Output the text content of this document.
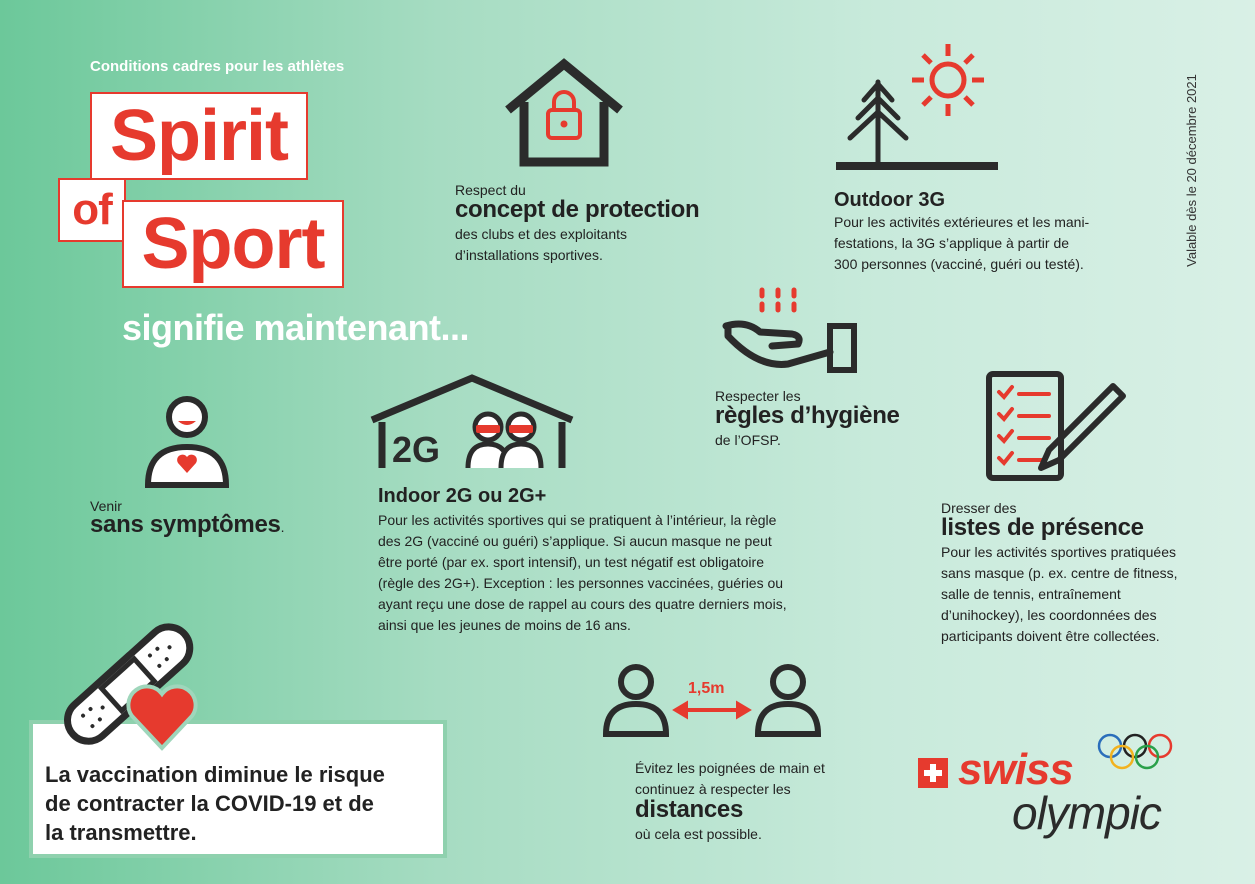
Conditions cadres pour les athlètes
Spirit
of Sport
signifie maintenant...
Valable dès le 20 décembre 2021
Respect du
concept de protection
des clubs et des exploitants
d’installations sportives.
Outdoor 3G
Pour les activités extérieures et les mani-
festations, la 3G s’applique à partir de
300 personnes (vacciné, guéri ou testé).
Respecter les
règles d’hygiène
de l’OFSP.
Dresser des
listes de présence
Pour les activités sportives pratiquées
sans masque (p. ex. centre de fitness,
salle de tennis, entraînement
d’unihockey), les coordonnées des
participants doivent être collectées.
Venir
sans symptômes.
2G
Indoor 2G ou 2G+
Pour les activités sportives qui se pratiquent à l’intérieur, la règle
des 2G (vacciné ou guéri) s’applique. Si aucun masque ne peut
être porté (par ex. sport intensif), un test négatif est obligatoire
(règle des 2G+). Exception : les personnes vaccinées, guéries ou
ayant reçu une dose de rappel au cours des quatre derniers mois,
ainsi que les jeunes de moins de 16 ans.
1,5m
Évitez les poignées de main et
continuez à respecter les
distances
où cela est possible.
La vaccination diminue le risque
de contracter la COVID-19 et de
la transmettre.
swiss
olympic
